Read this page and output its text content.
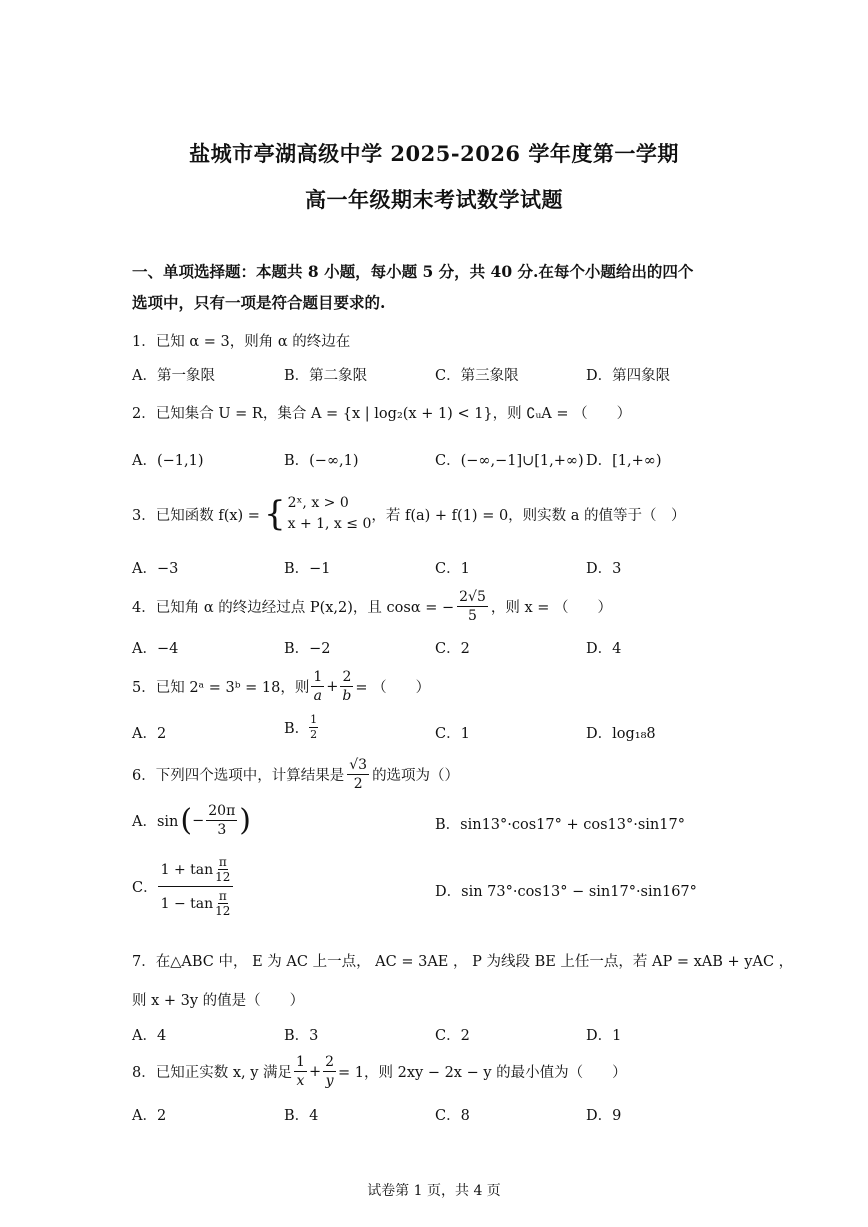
盐城市亭湖高级中学 2025-2026 学年度第一学期
高一年级期末考试数学试题
一、单项选择题：本题共 8 小题，每小题 5 分，共 40 分.在每个小题给出的四个
选项中，只有一项是符合题目要求的.
1．已知 α = 3，则角 α 的终边在
A．第一象限	B．第二象限	C．第三象限	D．第四象限
2．已知集合 U = R，集合 A = {x | log₂(x + 1) < 1}，则 ∁ᵤA = （　　）
A．(−1,1)	B．(−∞,1)	C．(−∞,−1]∪[1,+∞) D．[1,+∞)
3．已知函数 f(x) = { 2ˣ, x > 0
x + 1, x ≤ 0
，若 f(a) + f(1) = 0，则实数 a 的值等于（　）
A．−3	B．−1	C．1	D．3
4．已知角 α 的终边经过点 P(x,2)，且 cosα = − $\frac{2√5}{5}$ ，则 x = （　　）
A．−4	B．−2	C．2	D．4
5．已知 2ᵃ = 3ᵇ = 18，则 $\frac{1}{a} + \frac{2}{b}$ = （　　）
A．2	B． $\frac{1}{2}$	C．1	D．log₁₈8
6．下列四个选项中，计算结果是 $\frac{√3}{2}$ 的选项为（）
A．sin ( − $\frac{20\pi}{3}$ )	B．sin13°·cos17° + cos13°·sin17°
C． 1 + tan π
12
1 − tan π
12	D．sin 73°·cos13° − sin17°·sin167°
7．在△ABC 中， E 为 AC 上一点， AC = 3AE ， P 为线段 BE 上任一点，若 AP = xAB + yAC ，
则 x + 3y 的值是（　　）
A．4	B．3	C．2	D．1
8．已知正实数 x, y 满足 $\frac{1}{x} + \frac{2}{y} = 1$，则 2xy − 2x − y 的最小值为（　　）
A．2	B．4	C．8	D．9
试卷第 1 页，共 4 页
